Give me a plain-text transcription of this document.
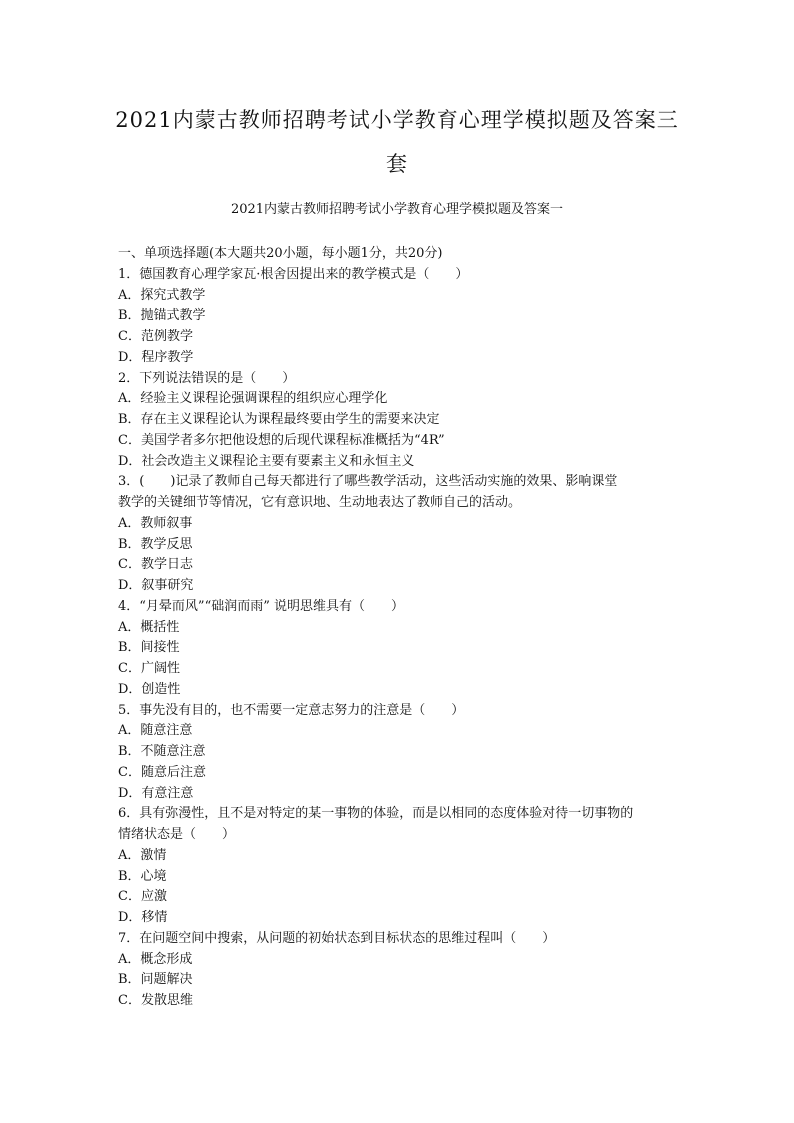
2021内蒙古教师招聘考试小学教育心理学模拟题及答案三
套
2021内蒙古教师招聘考试小学教育心理学模拟题及答案一
一、单项选择题(本大题共20小题，每小题1分，共20分)
1．德国教育心理学家瓦·根舍因提出来的教学模式是（　　）
A．探究式教学
B．抛锚式教学
C．范例教学
D．程序教学
2．下列说法错误的是（　　）
A．经验主义课程论强调课程的组织应心理学化
B．存在主义课程论认为课程最终要由学生的需要来决定
C．美国学者多尔把他设想的后现代课程标准概括为“4R”
D．社会改造主义课程论主要有要素主义和永恒主义
3．(　　)记录了教师自己每天都进行了哪些教学活动，这些活动实施的效果、影响课堂
教学的关键细节等情况，它有意识地、生动地表达了教师自己的活动。
A．教师叙事
B．教学反思
C．教学日志
D．叙事研究
4．“月晕而风”“础润而雨” 说明思维具有（　　）
A．概括性
B．间接性
C．广阔性
D．创造性
5．事先没有目的，也不需要一定意志努力的注意是（　　）
A．随意注意
B．不随意注意
C．随意后注意
D．有意注意
6．具有弥漫性，且不是对特定的某一事物的体验，而是以相同的态度体验对待一切事物的
情绪状态是（　　）
A．激情
B．心境
C．应激
D．移情
7．在问题空间中搜索，从问题的初始状态到目标状态的思维过程叫（　　）
A．概念形成
B．问题解决
C．发散思维
